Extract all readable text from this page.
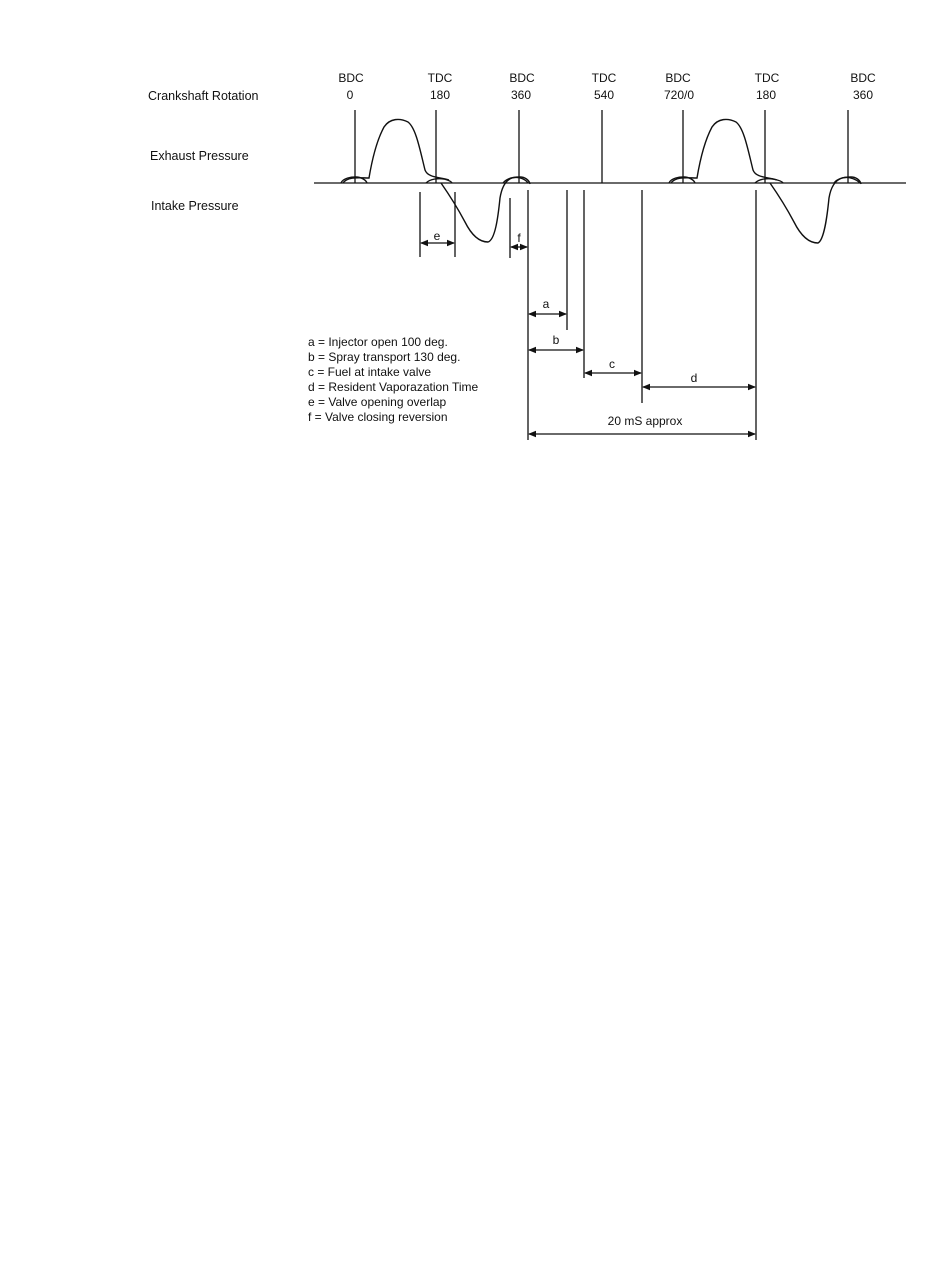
Crankshaft Rotation
Exhaust Pressure
Intake Pressure
BDC
0
TDC
180
BDC
360
TDC
540
BDC
720/0
TDC
180
BDC
360
e	f
a
b
c
d
20 mS approx
a = Injector open 100 deg.
b = Spray transport 130 deg.
c = Fuel at intake valve
d = Resident Vaporazation Time
e = Valve opening overlap
f = Valve closing reversion
